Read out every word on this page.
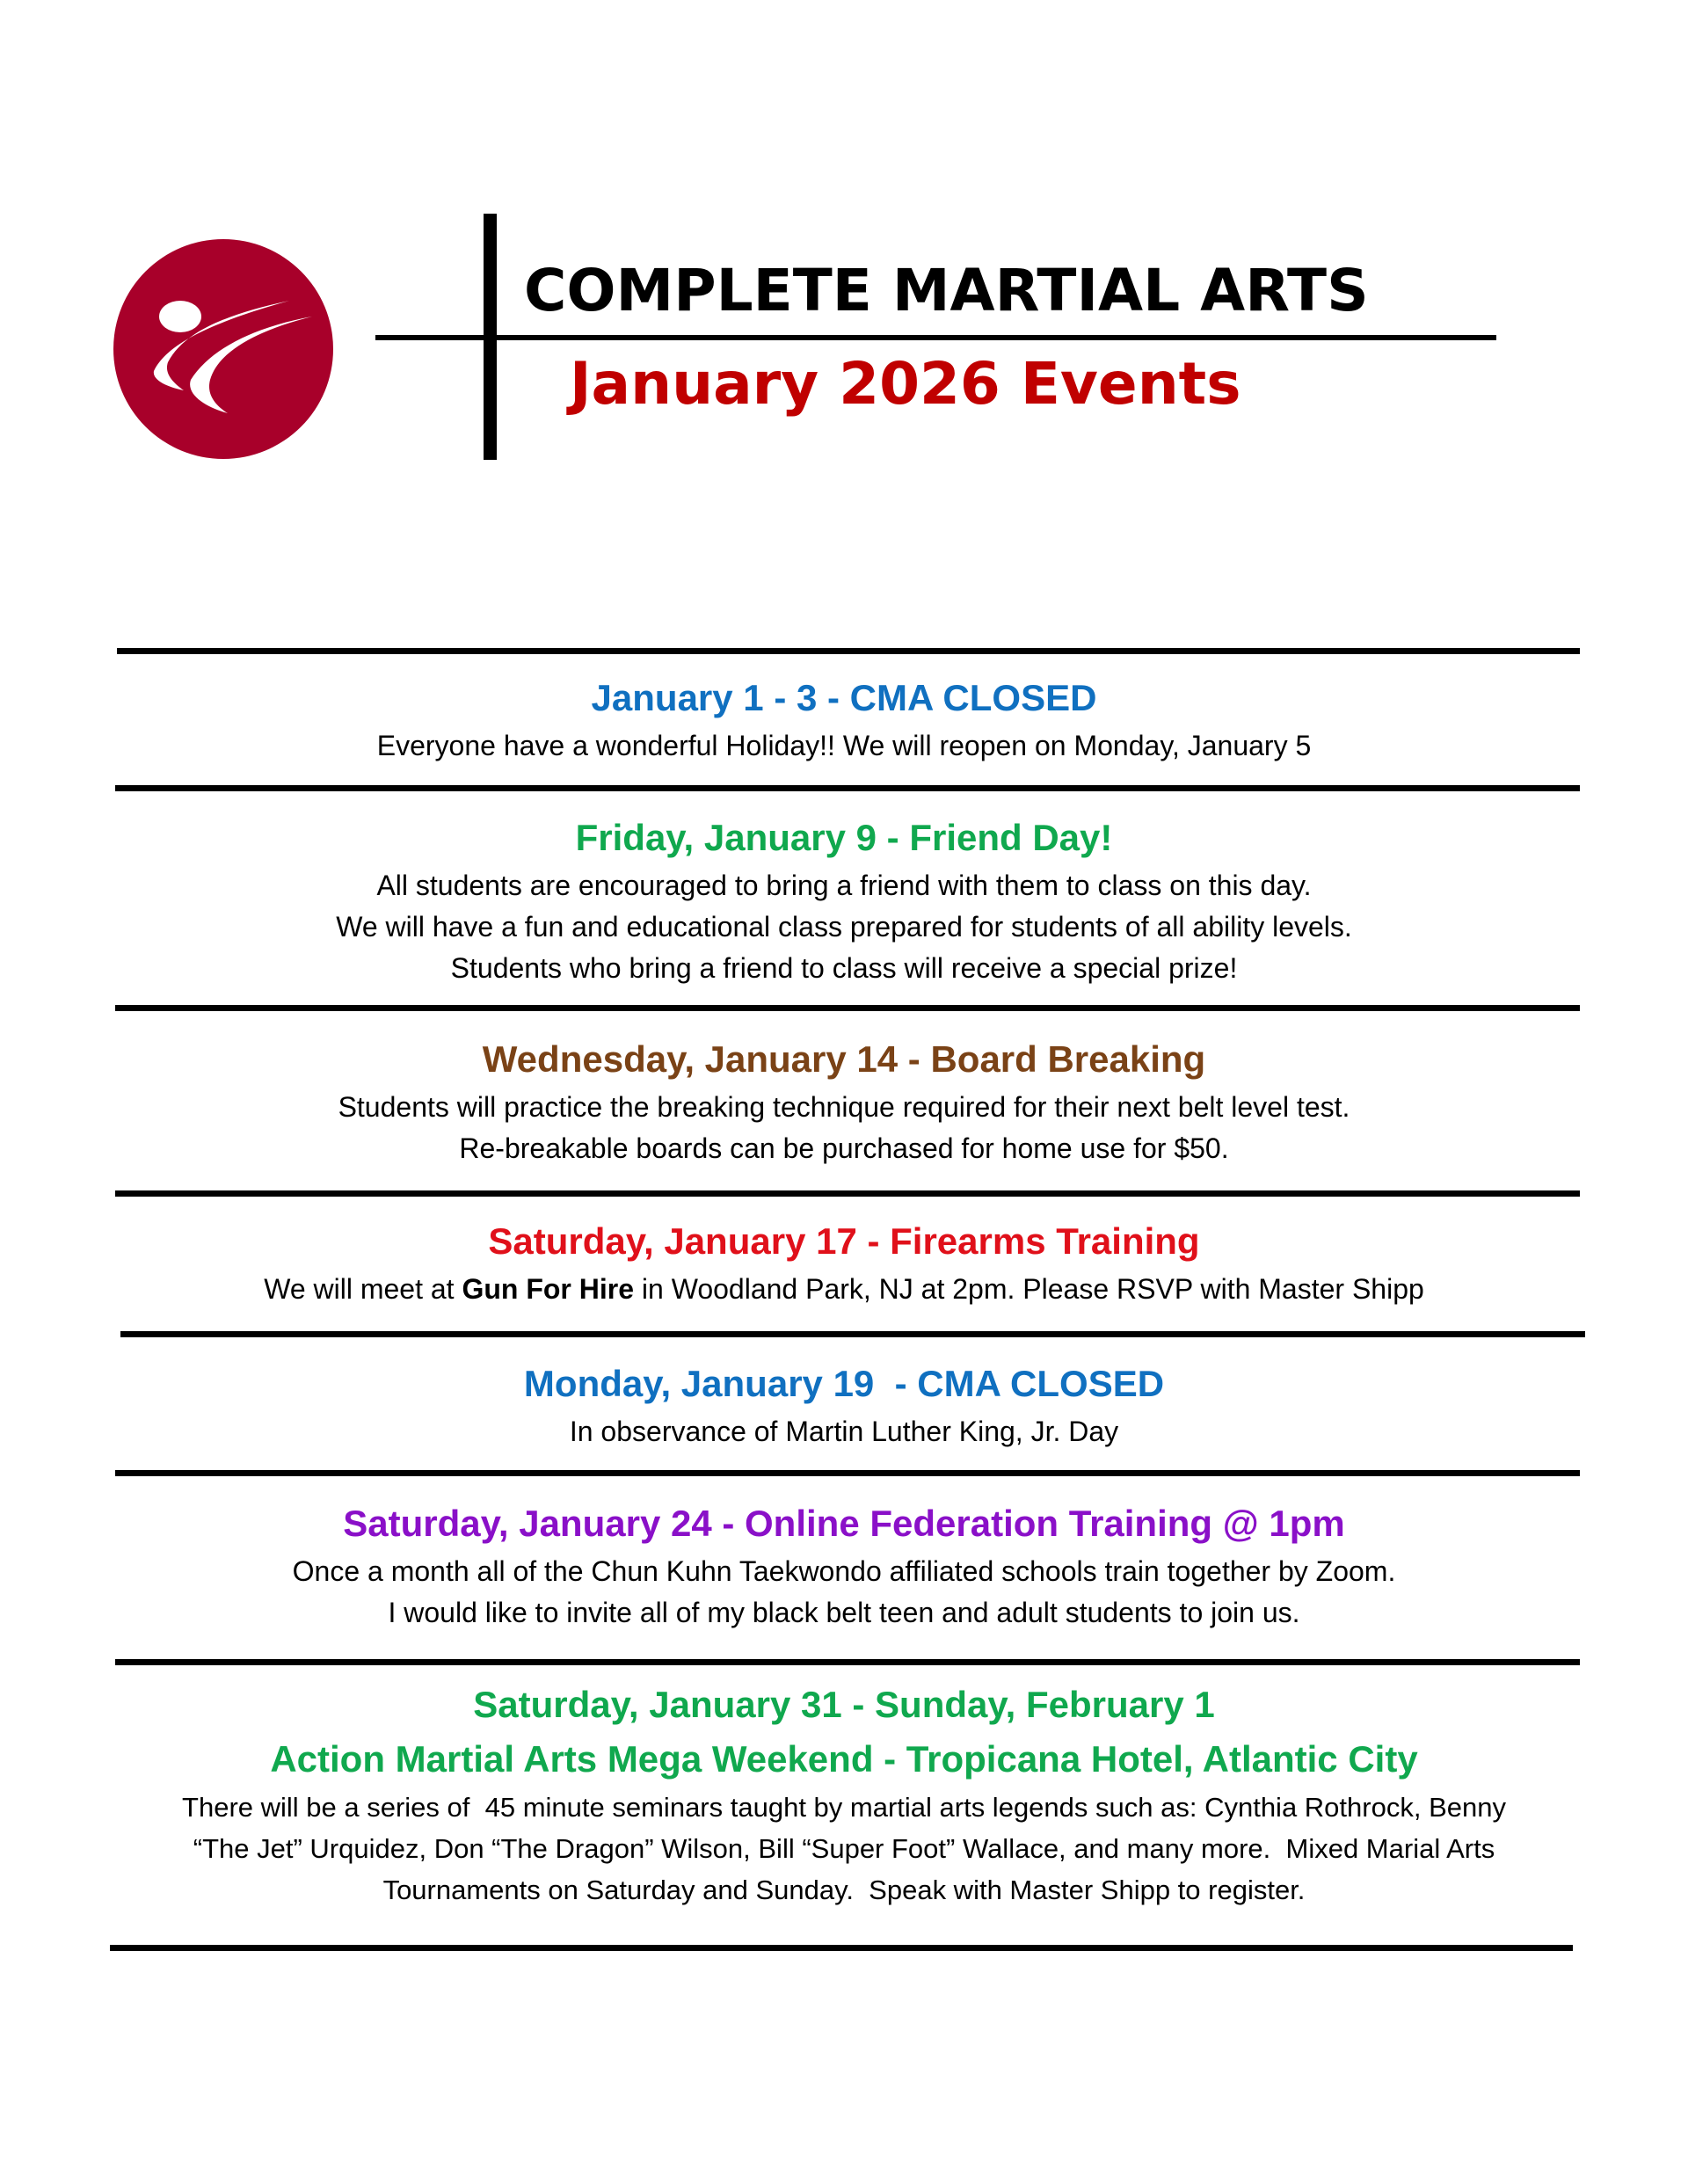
COMPLETE MARTIAL ARTS
January 2026 Events
January 1 - 3 - CMA CLOSED
Everyone have a wonderful Holiday!! We will reopen on Monday, January 5
Friday, January 9 - Friend Day!
All students are encouraged to bring a friend with them to class on this day.
We will have a fun and educational class prepared for students of all ability levels.
Students who bring a friend to class will receive a special prize!
Wednesday, January 14 - Board Breaking
Students will practice the breaking technique required for their next belt level test.
Re-breakable boards can be purchased for home use for $50.
Saturday, January 17 - Firearms Training
We will meet at Gun For Hire in Woodland Park, NJ at 2pm. Please RSVP with Master Shipp
Monday, January 19  - CMA CLOSED
In observance of Martin Luther King, Jr. Day
Saturday, January 24 - Online Federation Training @ 1pm
Once a month all of the Chun Kuhn Taekwondo affiliated schools train together by Zoom.
I would like to invite all of my black belt teen and adult students to join us.
Saturday, January 31 - Sunday, February 1
Action Martial Arts Mega Weekend - Tropicana Hotel, Atlantic City
There will be a series of  45 minute seminars taught by martial arts legends such as: Cynthia Rothrock, Benny
“The Jet” Urquidez, Don “The Dragon” Wilson, Bill “Super Foot” Wallace, and many more.  Mixed Marial Arts
Tournaments on Saturday and Sunday.  Speak with Master Shipp to register.
